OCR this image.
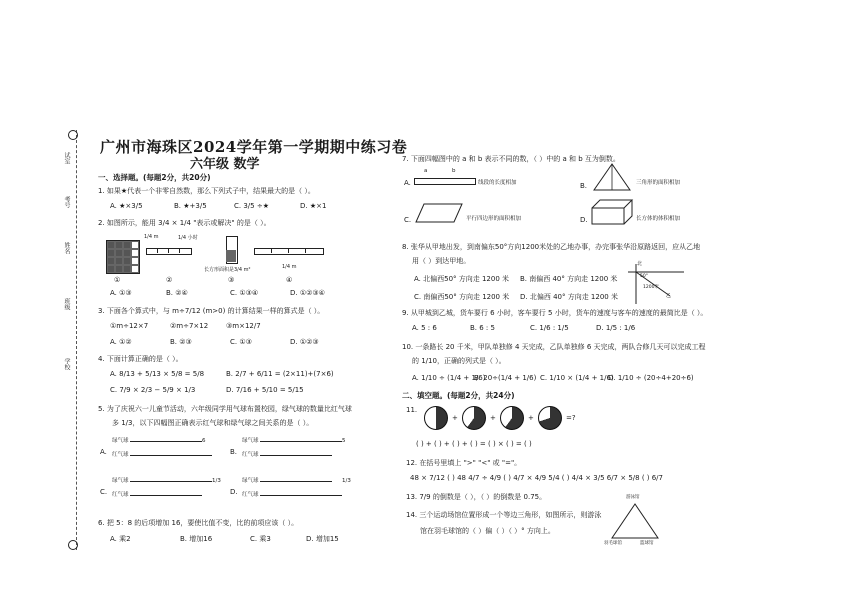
学校
班级
姓名
考号
试室
广州市海珠区2024学年第一学期期中练习卷
六年级 数学
一、选择题。(每题2分，共20分)
1. 如果★代表一个非零自然数，那么下列式子中，结果最大的是（ ）。
A. ★×3/5	B. ★+3/5	C. 3/5 ÷★	D. ★×1
2. 如图所示，能用 3/4 × 1/4 "表示或解决" 的是（ ）。
1/4 m	1/4 小时
长方形面积是3/4 m²	1/4 m
①	②	③	④
A. ①③	B. ②④	C. ①③④	D. ①②③④
3. 下面各个算式中，与 m÷7/12 (m>0) 的计算结果一样的算式是（ ）。
①m÷12×7	②m÷7×12	③m×12/7
A. ①②	B. ②③	C. ①③	D. ①②③
4. 下面计算正确的是（ ）。
A. 8/13 + 5/13 × 5/8 = 5/8	B. 2/7 + 6/11 = (2×11)+(7×6)
C. 7/9 × 2/3 − 5/9 × 1/3	D. 7/16 + 5/10 = 5/15
5. 为了庆祝六一儿童节活动，六年级同学用气球布置校园，绿气球的数量比红气球
多 1/3，以下四幅图正确表示红气球和绿气球之间关系的是（ ）。
A.
绿气球
红气球
6
B.
绿气球
红气球
5
C.
绿气球
红气球
1/3
D.
绿气球
红气球
1/3
6. 把 5：8 的后项增加 16，要使比值不变，比的前项应该（ ）。
A. 乘2	B. 增加16	C. 乘3	D. 增加15
7. 下面四幅图中的 a 和 b 表示不同的数，（ ）中的 a 和 b 互为倒数。
A.
a	b
线段的长度相加	B.	三角形的面积相加
C.	平行四边形的面积相加	D.	长方体的体积相加
8. 张华从甲地出发，到南偏东50°方向1200米处的乙地办事，办完事张华沿原路返回，应从乙地
用（ ）到达甲地。
A. 北偏西50° 方向走 1200 米 B. 南偏西 40° 方向走 1200 米
C. 南偏西50° 方向走 1200 米 D. 北偏西 40° 方向走 1200 米
北
乙
1200米
50°
9. 从甲城到乙城，货车要行 6 小时，客车要行 5 小时，货车的速度与客车的速度的最简比是（ ）。
A. 5 : 6	B. 6 : 5	C. 1/6 : 1/5	D. 1/5 : 1/6
10. 一条路长 20 千米，甲队单独修 4 天完成，乙队单独修 6 天完成，两队合修几天可以完成工程
的 1/10，正确的列式是（ ）。
A. 1/10 ÷ (1/4 + 1/6)
B. 20÷(1/4 + 1/6) C. 1/10 × (1/4 + 1/6)
D. 1/10 ÷ (20÷4+20÷6)
二、填空题。(每题2分，共24分)
11.
+	+	+	=?
( ) + ( ) + ( ) + ( ) = ( ) × ( ) = ( )
12. 在括号里填上 ">" "<" 或 "="。
48 × 7/12 ( ) 48 4/7 ÷ 4/9 ( ) 4/7 × 4/9 5/4 ( ) 4/4 × 3/5 6/7 × 5/8 ( ) 6/7
13. 7/9 的倒数是（ ），（ ）的倒数是 0.75。
14. 三个运动场馆位置形成一个等边三角形，如图所示，则游泳
馆在羽毛球馆的（ ）偏（ ）（ ）° 方向上。
游泳馆
羽毛球馆	篮球馆
